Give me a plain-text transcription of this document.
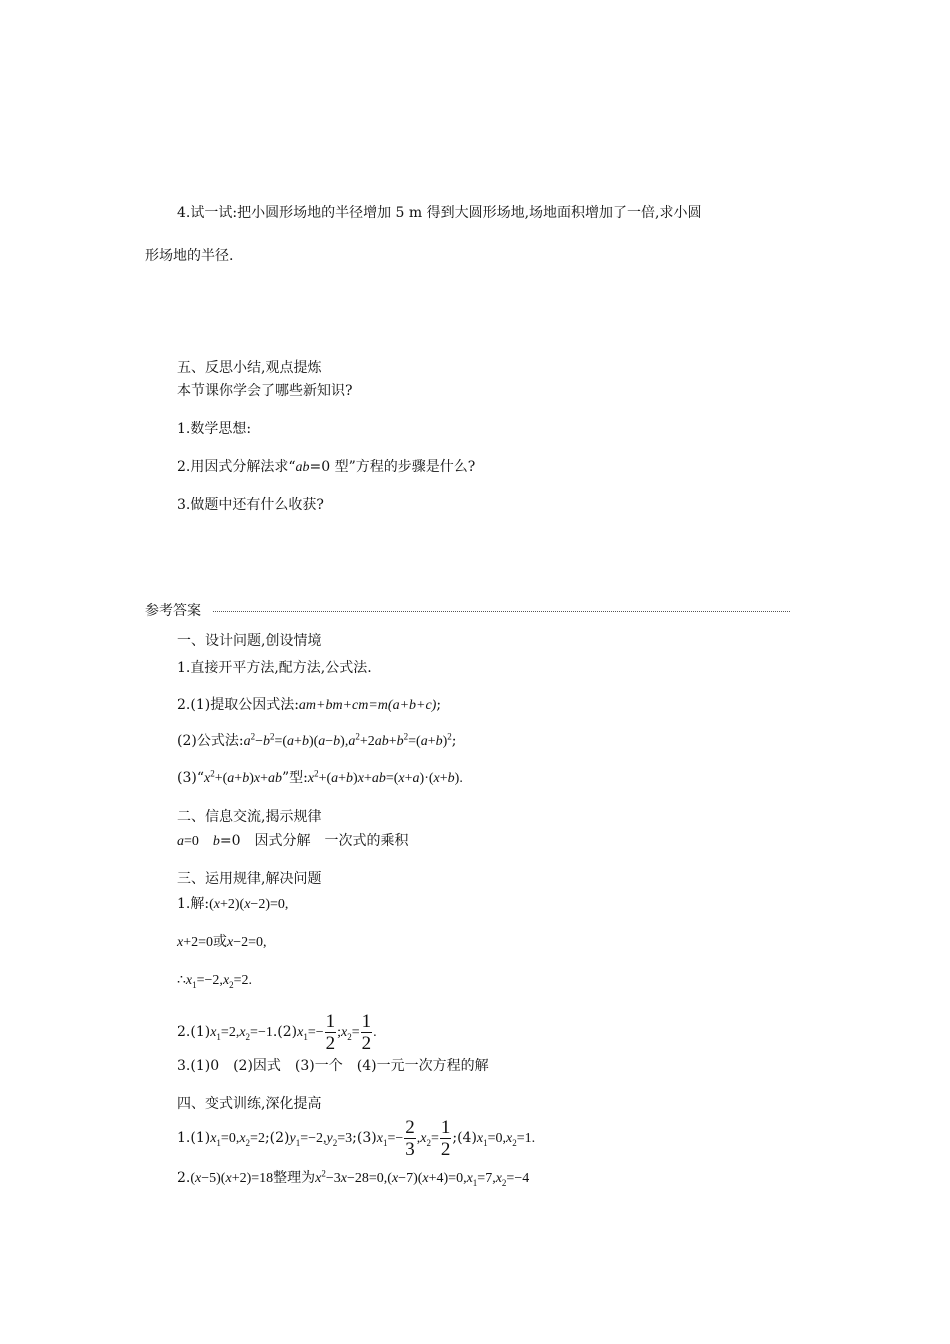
4.试一试:把小圆形场地的半径增加 5 m 得到大圆形场地,场地面积增加了一倍,求小圆
形场地的半径.
五、反思小结,观点提炼
本节课你学会了哪些新知识?
1.数学思想:
2.用因式分解法求“ab=0 型”方程的步骤是什么?
3.做题中还有什么收获?
参考答案
一、设计问题,创设情境
1.直接开平方法,配方法,公式法.
2.(1)提取公因式法:am+bm+cm=m(a+b+c);
(2)公式法$:a^2-b^2=(a+b)(a-b),a^2+2ab+b^2=(a+b)^2$;
$(3)“x^2+(a+b)x+ab$”型$:x^2+(a+b)x+ab=(x+a)\cdot(x+b)$.
二、信息交流,揭示规律
a=0　 b=0　因式分解　一次式的乘积
三、运用规律,解决问题
1.解:(x+2)(x−2)=0,
x+2=0或x−2=0,
$\therefore x_1=-2,x_2=2$.
$2.(1)x_1=2,x_2=-1.(2)x_1=- \frac{1}{2}$ $;x_2= \frac{1}{2}$ .
3.(1)0　(2)因式　(3)一个　(4)一元一次方程的解
四、变式训练,深化提高
$1.(1)x_1=0,x_2=2;(2)y_1=-2,y_2=3;(3)x_1=- \frac{2}{3} ,x_2= \frac{1}{2}$ $;(4)x_1=0,x_2=1$.
2.(x−5)(x+2)=18整理为$x^2-3x-28=0,(x-7)(x+4)=0,x_1=7,x_2=-4$
